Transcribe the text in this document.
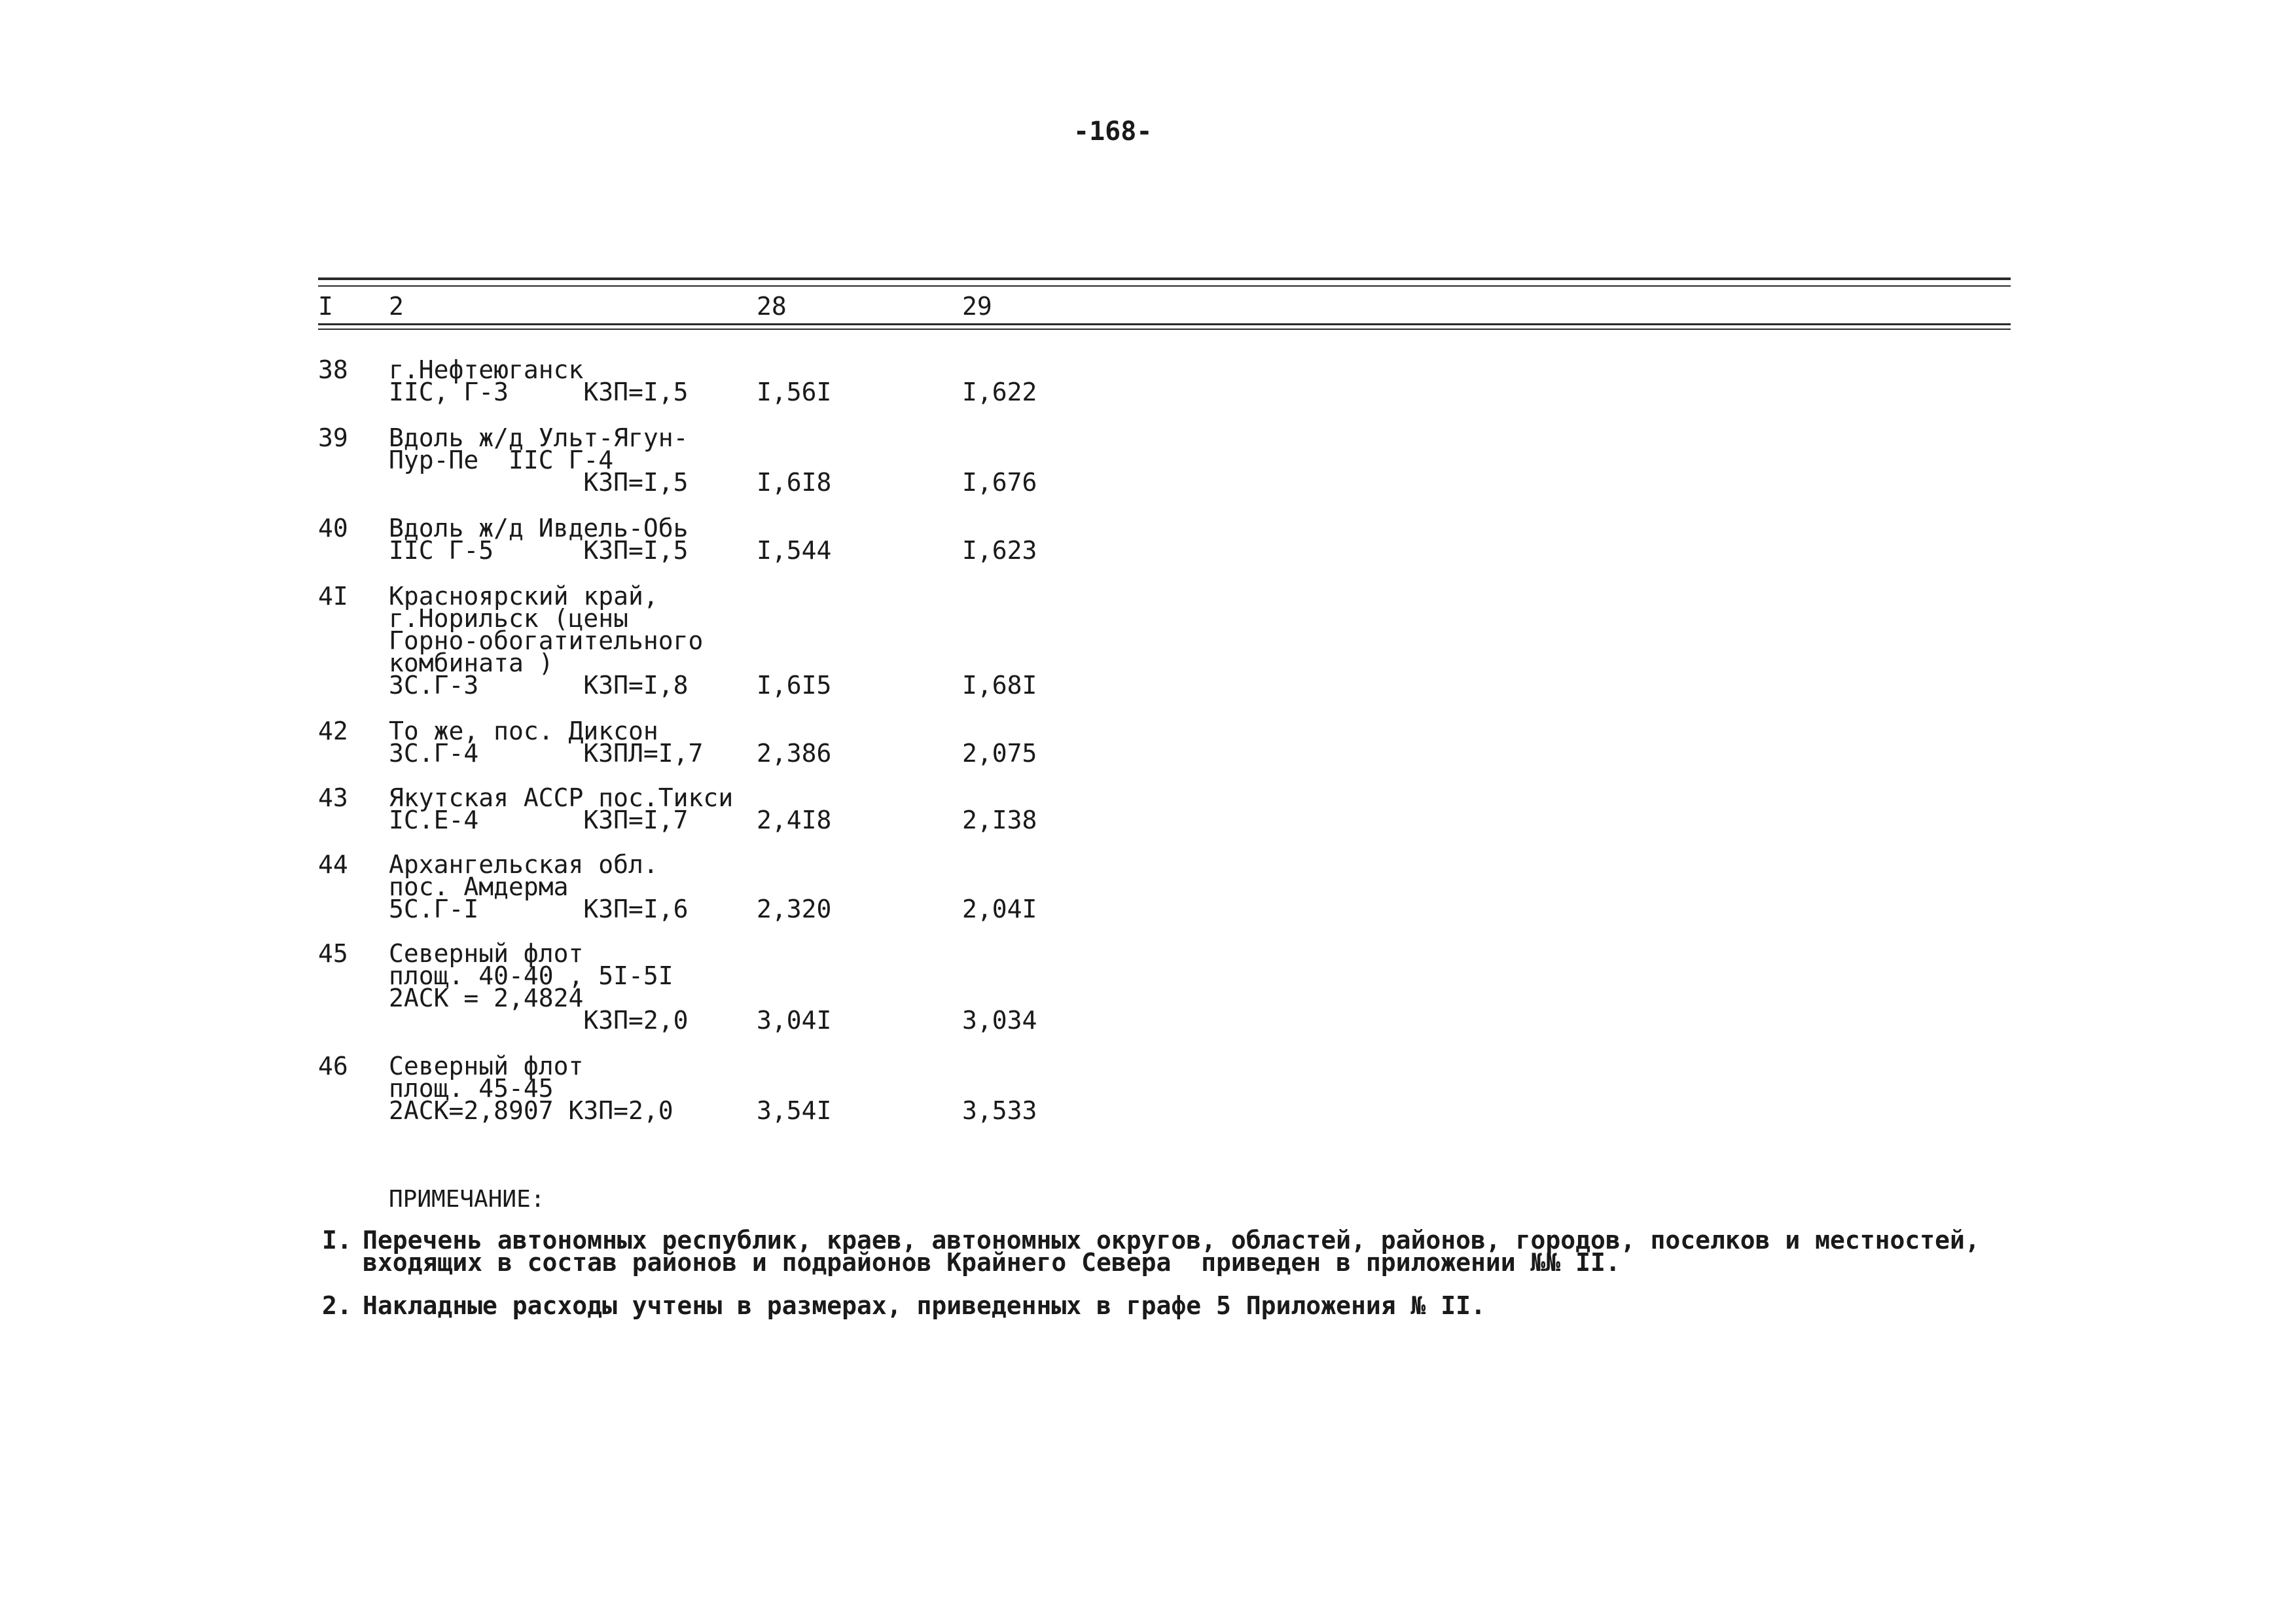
-168-
I 2	28	29
38 г.Нефтеюганск
IIC, Г-3     КЗП=I,5	I,56I	I,622
39 Вдоль ж/д Ульт-Ягун-
Пур-Пе  IIC Г-4
КЗП=I,5	I,6I8	I,676
40 Вдоль ж/д Ивдель-Обь
IIC Г-5      КЗП=I,5	I,544	I,623
4I Красноярский край,
г.Норильск (цены
Горно-обогатительного
комбината )
3С.Г-3       КЗП=I,8	I,6I5	I,68I
42 То же, пос. Диксон
3С.Г-4       КЗПЛ=I,7 2,386	2,075
43 Якутская АССР пос.Тикси
IC.Е-4       КЗП=I,7	2,4I8	2,I38
44 Архангельская обл.
пос. Амдерма
5С.Г-I       КЗП=I,6	2,320	2,04I
45 Северный флот
площ. 40-40 , 5I-5I
2АСК = 2,4824
КЗП=2,0	3,04I	3,034
46 Северный флот
площ. 45-45
2АСК=2,8907 КЗП=2,0	3,54I	3,533
ПРИМЕЧАНИЕ:
I. Перечень автономных республик, краев, автономных округов, областей, районов, городов, поселков и местностей,
входящих в состав районов и подрайонов Крайнего Севера  приведен в приложении №№ II.
2. Накладные расходы учтены в размерах, приведенных в графе 5 Приложения № II.
